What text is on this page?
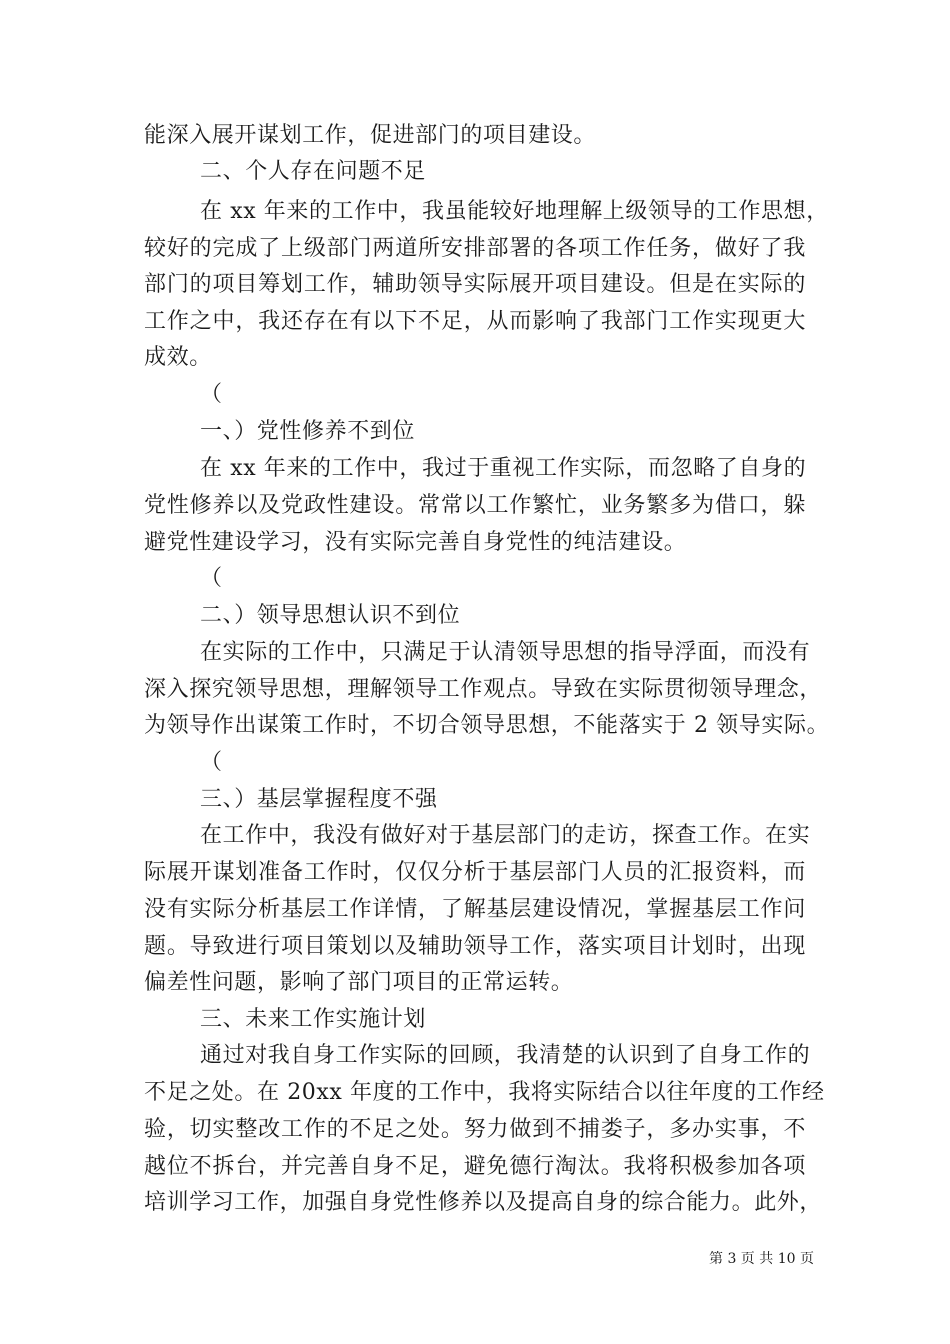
能深入展开谋划工作，促进部门的项目建设。
二、个人存在问题不足
在 xx 年来的工作中，我虽能较好地理解上级领导的工作思想，
较好的完成了上级部门两道所安排部署的各项工作任务，做好了我
部门的项目筹划工作，辅助领导实际展开项目建设。但是在实际的
工作之中，我还存在有以下不足，从而影响了我部门工作实现更大
成效。
（
一、）党性修养不到位
在 xx 年来的工作中，我过于重视工作实际，而忽略了自身的
党性修养以及党政性建设。常常以工作繁忙，业务繁多为借口，躲
避党性建设学习，没有实际完善自身党性的纯洁建设。
（
二、）领导思想认识不到位
在实际的工作中，只满足于认清领导思想的指导浮面，而没有
深入探究领导思想，理解领导工作观点。导致在实际贯彻领导理念，
为领导作出谋策工作时，不切合领导思想，不能落实于 2 领导实际。
（
三、）基层掌握程度不强
在工作中，我没有做好对于基层部门的走访，探查工作。在实
际展开谋划准备工作时，仅仅分析于基层部门人员的汇报资料，而
没有实际分析基层工作详情，了解基层建设情况，掌握基层工作问
题。导致进行项目策划以及辅助领导工作，落实项目计划时，出现
偏差性问题，影响了部门项目的正常运转。
三、未来工作实施计划
通过对我自身工作实际的回顾，我清楚的认识到了自身工作的
不足之处。在 20xx 年度的工作中，我将实际结合以往年度的工作经
验，切实整改工作的不足之处。努力做到不捕娄子，多办实事，不
越位不拆台，并完善自身不足，避免德行淘汰。我将积极参加各项
培训学习工作，加强自身党性修养以及提高自身的综合能力。此外，
第 3 页 共 10 页
